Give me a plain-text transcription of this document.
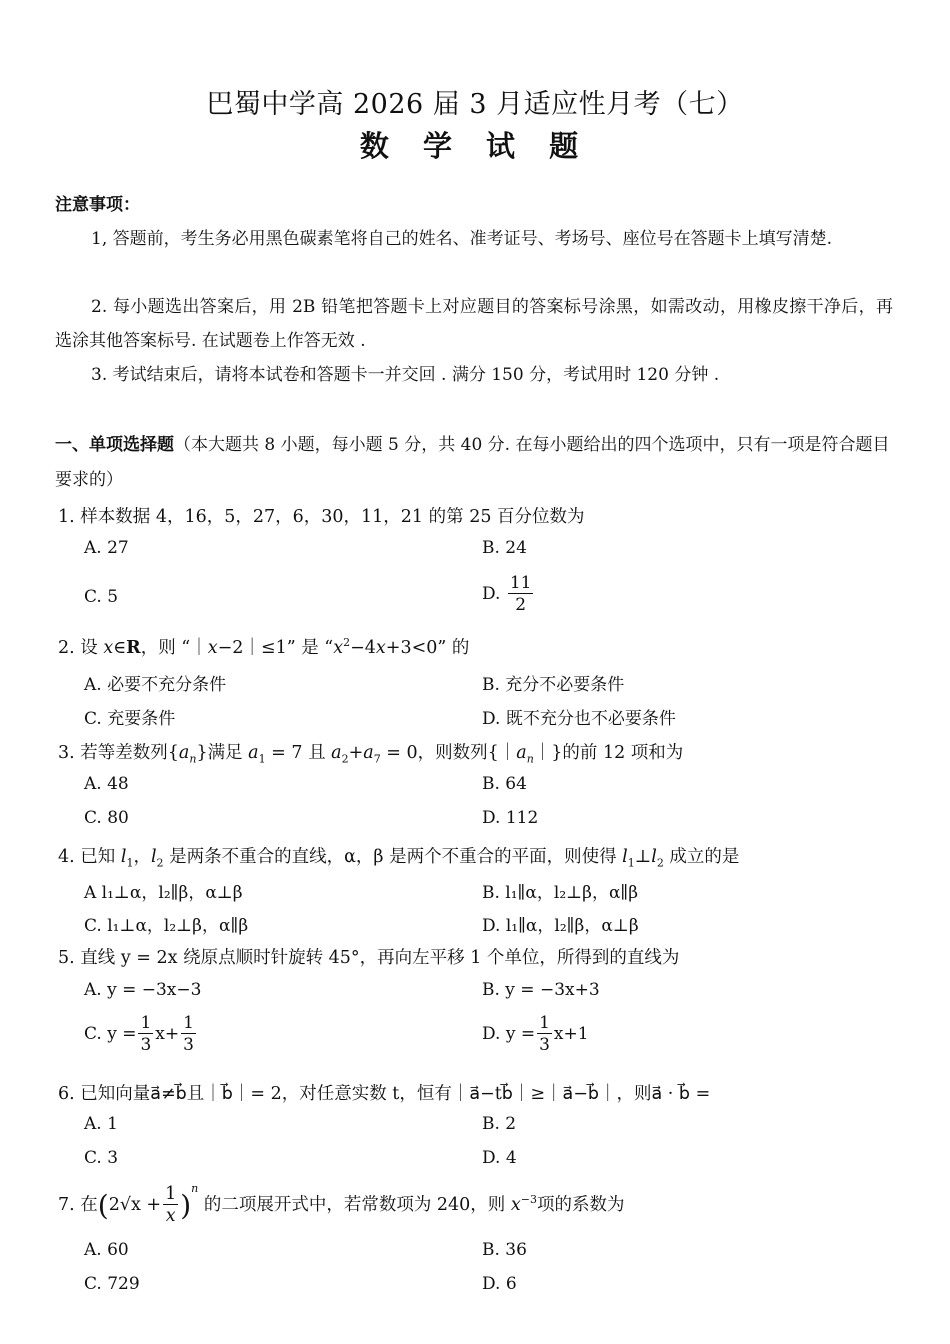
巴蜀中学高 2026 届 3 月适应性月考（七）
数 学 试 题
注意事项：
1, 答题前，考生务必用黑色碳素笔将自己的姓名、准考证号、考场号、座位号在答题卡上填写清楚.
2. 每小题选出答案后，用 2B 铅笔把答题卡上对应题目的答案标号涂黑，如需改动，用橡皮擦干净后，再选涂其他答案标号. 在试题卷上作答无效 .
3. 考试结束后，请将本试卷和答题卡一并交回 . 满分 150 分，考试用时 120 分钟 .
一、单项选择题（本大题共 8 小题，每小题 5 分，共 40 分. 在每小题给出的四个选项中，只有一项是符合题目要求的）
1. 样本数据 4，16，5，27，6，30，11，21 的第 25 百分位数为
A. 27	B. 24
C. 5	D. $\frac{11}{2}$
2. 设 x∈R，则 “｜x−2｜≤1” 是 “$x^2-4x+3<0$” 的
A. 必要不充分条件	B. 充分不必要条件
C. 充要条件	D. 既不充分也不必要条件
3. 若等差数列$\{a_n\}$满足 $a_1 = 7$ 且 $a_2+a_7 = 0$，则数列$\{|a_n|\}$的前 12 项和为
A. 48	B. 64
C. 80	D. 112
4. 已知 $l_1$，$l_2$ 是两条不重合的直线，α，β 是两个不重合的平面，则使得 $l_1\perp l_2$ 成立的是
A l₁⊥α，l₂∥β，α⊥β	B. l₁∥α，l₂⊥β，α∥β
C. l₁⊥α，l₂⊥β，α∥β	D. l₁∥α，l₂∥β，α⊥β
5. 直线 y = 2x 绕原点顺时针旋转 45°，再向左平移 1 个单位，所得到的直线为
A. y = −3x−3	B. y = −3x+3
C. $y = \frac{1}{3} x+ \frac{1}{3}$	D. $y = \frac{1}{3} x+1$
6. 已知向量a⃗≠b⃗且｜b⃗｜= 2，对任意实数 t，恒有｜a⃗−tb⃗｜≥｜a⃗−b⃗｜，则a⃗ · b⃗ =
A. 1	B. 2
C. 3	D. 4
7. 在$(2√x + \frac{1}{x} )^n$ 的二项展开式中，若常数项为 240，则 $x^{-3}$项的系数为
A. 60	B. 36
C. 729	D. 6
